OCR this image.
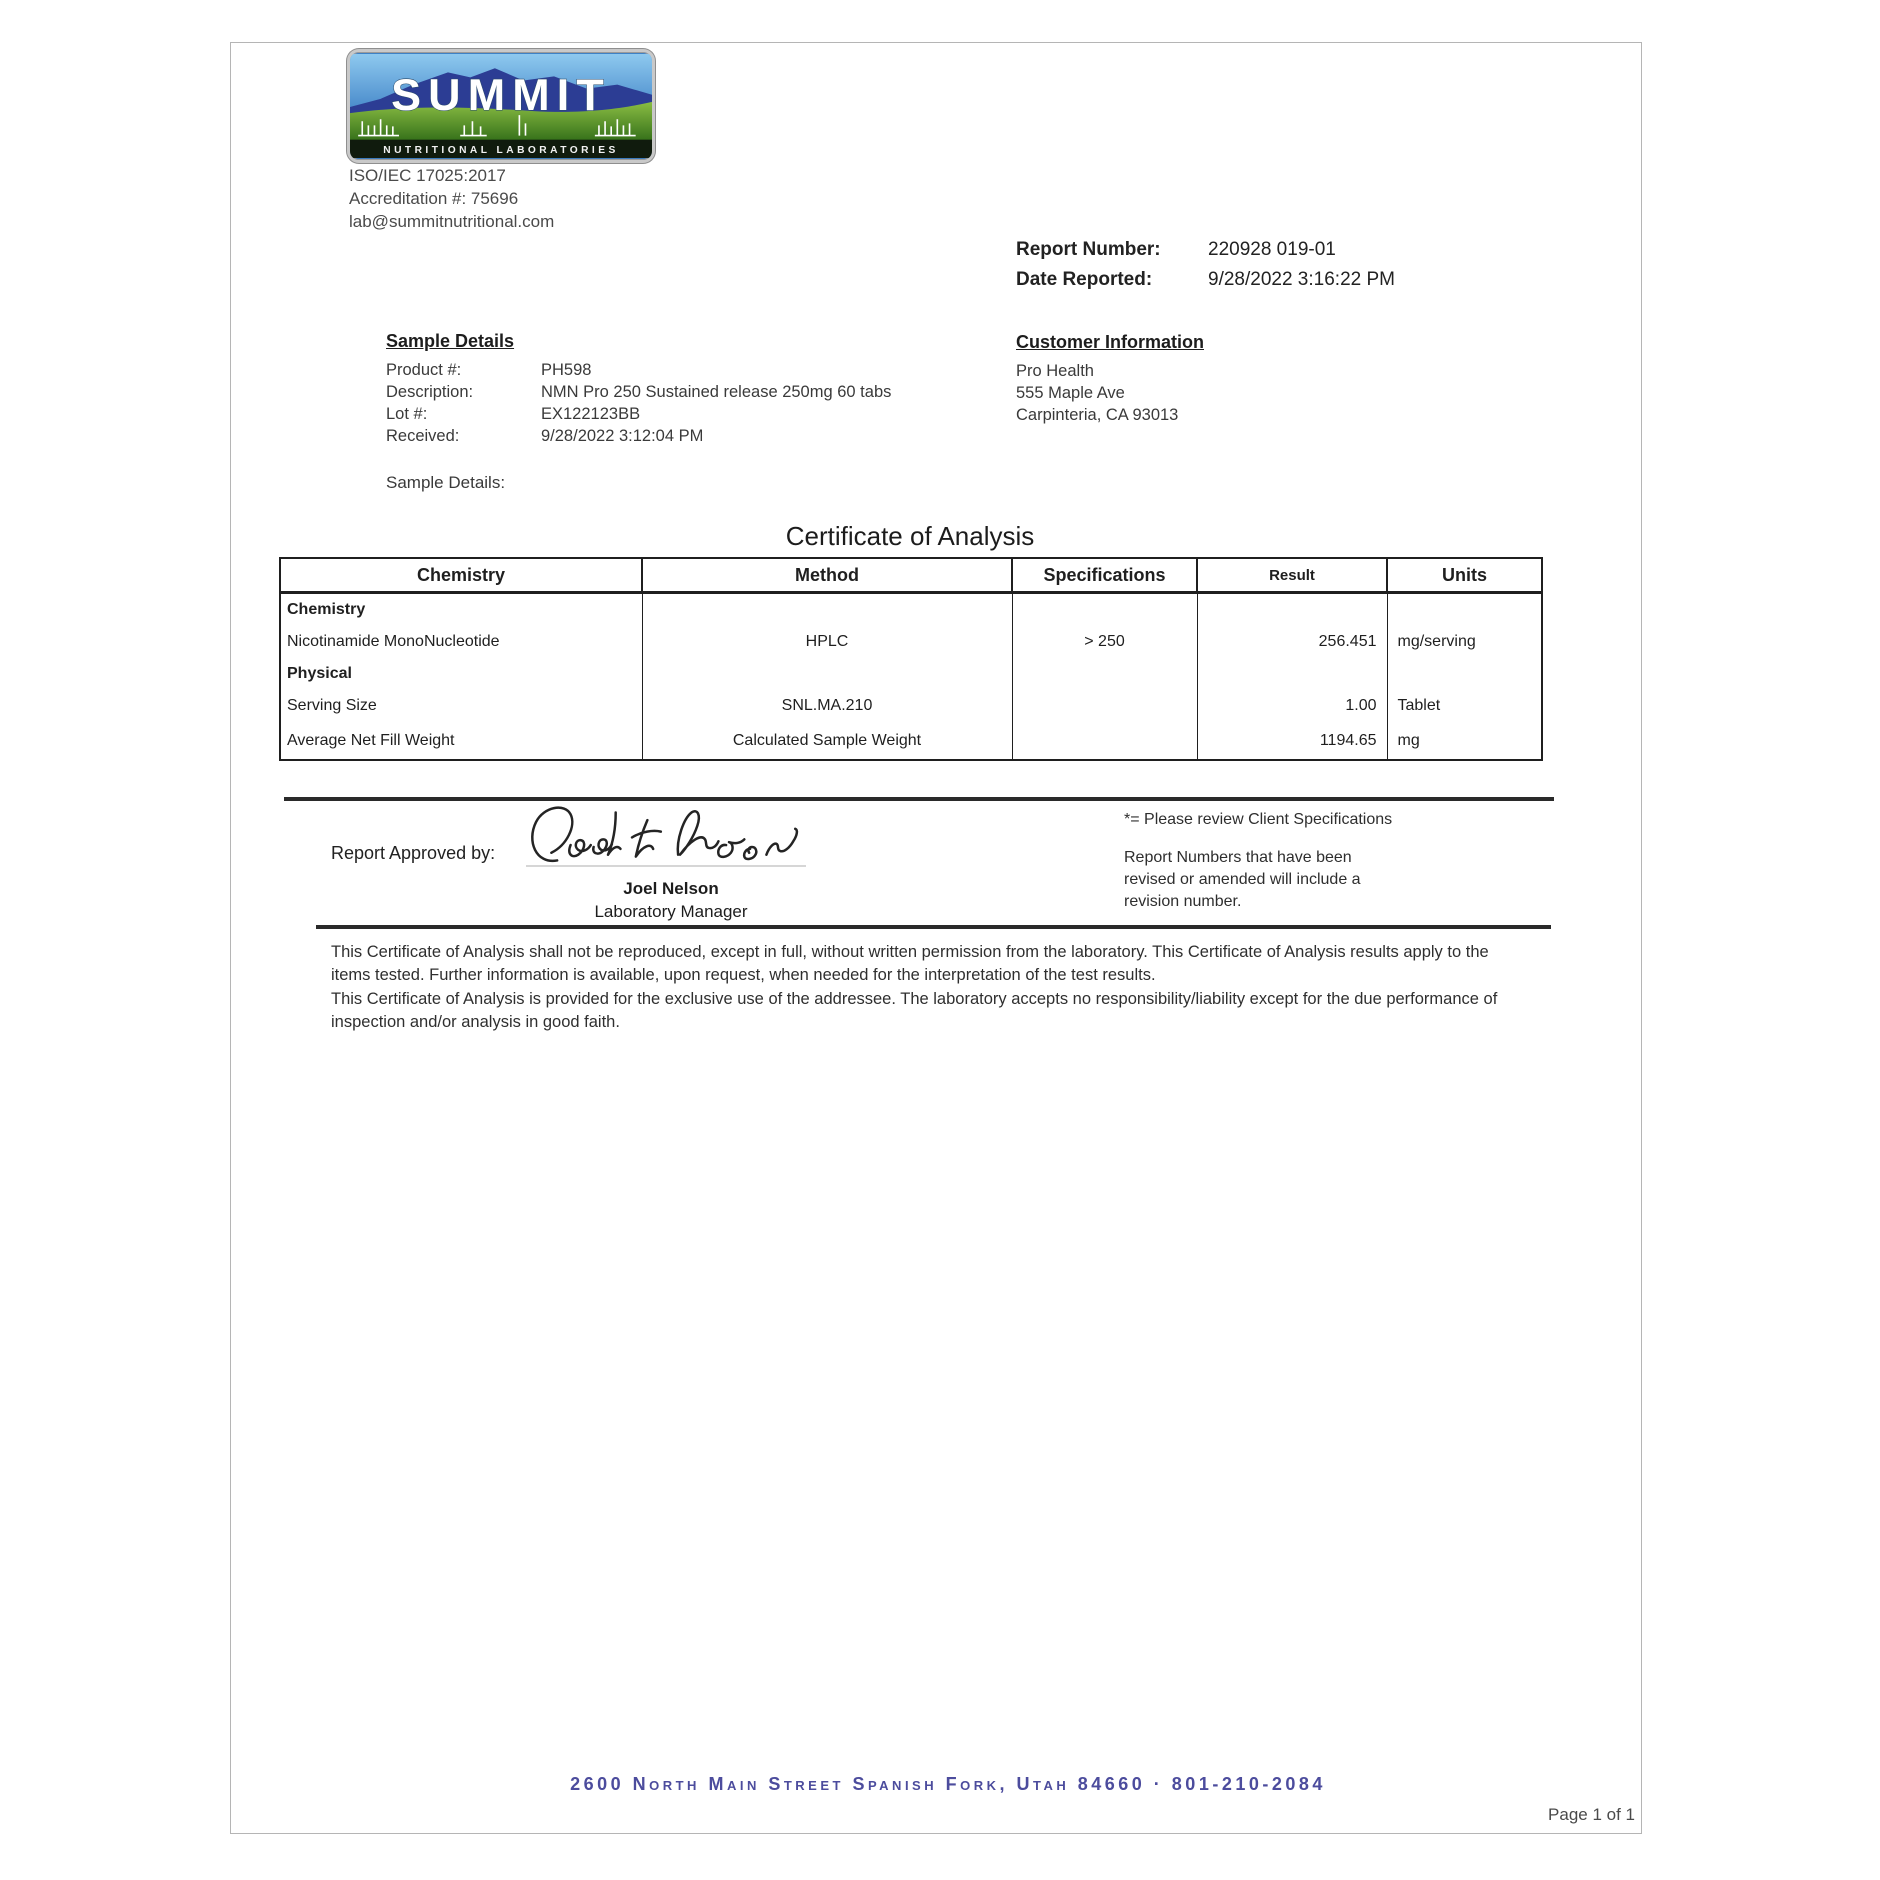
SUMMIT
NUTRITIONAL LABORATORIES
ISO/IEC 17025:2017
Accreditation #: 75696
lab@summitnutritional.com
Report Number: 220928 019-01
Date Reported:	9/28/2022 3:16:22 PM
Sample Details
Product #:	PH598
Description:	NMN Pro 250 Sustained release 250mg 60 tabs
Lot #:	EX122123BB
Received:	9/28/2022 3:12:04 PM
Customer Information
Pro Health
555 Maple Ave
Carpinteria, CA 93013
Sample Details:
Certificate of Analysis
Chemistry	Method	Specifications	Result	Units
Chemistry				
Nicotinamide MonoNucleotide	HPLC	> 250	256.451	mg/serving
Physical				
Serving Size	SNL.MA.210		1.00	Tablet
Average Net Fill Weight	Calculated Sample Weight		1194.65	mg
Report Approved by:
Joel Nelson
Laboratory Manager
*= Please review Client Specifications
Report Numbers that have been revised or amended will include a revision number.

This Certificate of Analysis shall not be reproduced, except in full, without written permission from the laboratory. This Certificate of Analysis results apply to the items tested. Further information is available, upon request, when needed for the interpretation of the test results.

This Certificate of Analysis is provided for the exclusive use of the addressee. The laboratory accepts no responsibility/liability except for the due performance of inspection and/or analysis in good faith.

2600 North Main Street Spanish Fork, Utah 84660 · 801-210-2084
Page 1 of 1
